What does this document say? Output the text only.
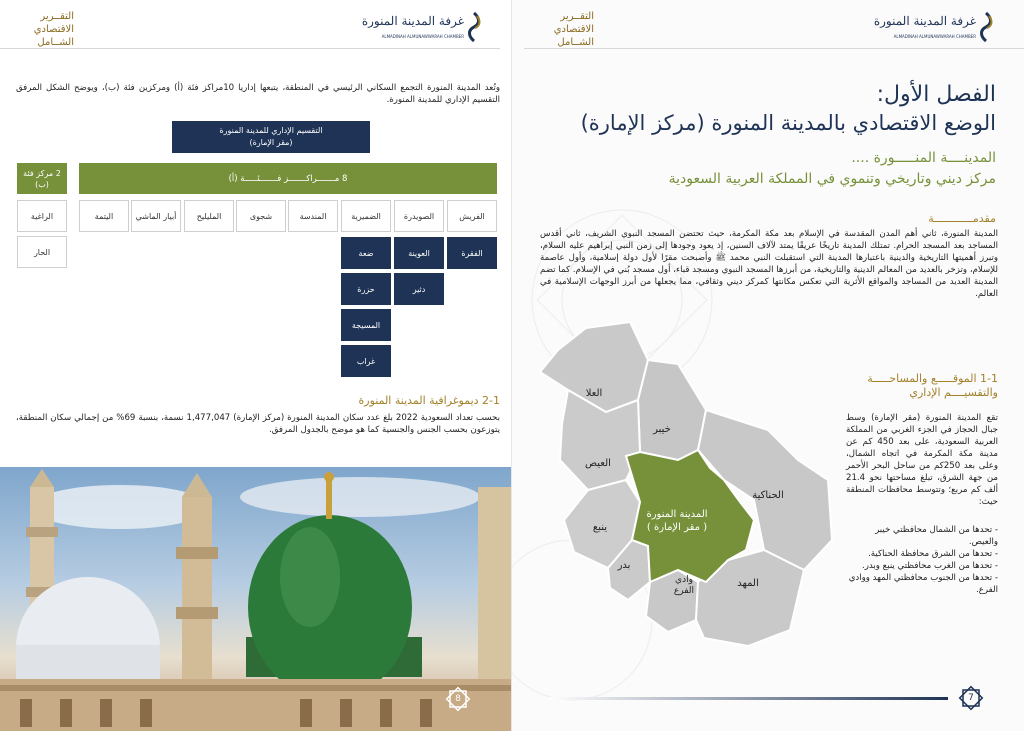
التقــرير
الاقتصادي
الشــامل
غرفة المدينة المنورة
ALMADINAH ALMUNAWWARAH CHAMBER
وتُعد المدينة المنورة التجمع السكاني الرئيسي في المنطقة، يتبعها إداريا 10مراكز فئة (أ) ومركزين فئة (ب)، ويوضح الشكل المرفق التقسيم الإداري للمدينة المنورة.
التقسيم الإداري للمدينة المنورة
(مقر الإمارة)
8 مـــــــراكـــــــز فـــــــئـــــة (أ)
2 مركز فئة (ب)
الفريش
الصويدرة
الضميرية
المندسة
شجوى
المليليح
أبيار الماشي
اليتمة
الراغية
الحار	الفقرة
العوينة
دثير
ضعة
حزرة
المسيجة
غراب
2-1 ديموغرافية المدينة المنورة
بحسب تعداد السعودية 2022 بلغ عدد سكان المدينة المنورة (مركز الإمارة) 1,477,047 نسمة، بنسبة 69% من إجمالي سكان المنطقة، يتوزعون بحسب الجنس والجنسية كما هو موضح بالجدول المرفق.
8
التقــرير
الاقتصادي
الشــامل
غرفة المدينة المنورة
ALMADINAH ALMUNAWWARAH CHAMBER
الفصل الأول:
الوضع الاقتصادي بالمدينة المنورة (مركز الإمارة)
المدينــــة المنـــــورة ....
مركز ديني وتاريخي وتنموي في المملكة العربية السعودية
مقدمــــــــــــة
المدينة المنورة، ثاني أهم المدن المقدسة في الإسلام بعد مكة المكرمة، حيث تحتضن المسجد النبوي الشريف، ثاني أقدس المساجد بعد المسجد الحرام. تمتلك المدينة تاريخًا عريقًا يمتد لآلاف السنين، إذ يعود وجودها إلى زمن النبي إبراهيم عليه السلام، وتبرز أهميتها التاريخية والدينية باعتبارها المدينة التي استقبلت النبي محمد ﷺ وأصبحت مقرًا لأول دولة إسلامية، وأول عاصمة للإسلام، وتزخر بالعديد من المعالم الدينية والتاريخية، من أبرزها المسجد النبوي ومسجد قباء، أول مسجد بُني في الإسلام. كما تضم المدينة العديد من المساجد والمواقع الأثرية التي تعكس مكانتها كمركز ديني وثقافي، مما يجعلها من أبرز الوجهات الإسلامية في العالم.
العلا
خيبر
العيص
الحناكية
ينبع
بدر
المهد
المدينة المنورة
( مقر الإمارة )
وادي
الفرع
1-1 الموقـــــع والمساحـــــة
والتقسيــــم الإداري
تقع المدينة المنورة (مقر الإمارة) وسط جبال الحجاز في الجزء الغربي من المملكة العربية السعودية، على بعد 450 كم عن مدينة مكة المكرمة في اتجاه الشمال، وعلى بعد 250كم من ساحل البحر الأحمر من جهة الشرق، تبلغ مساحتها نحو 21.4 ألف كم مربع؛ وتتوسط محافظات المنطقة حيث:
- تحدها من الشمال محافظتي خيبر والعيص.
- تحدها من الشرق محافظة الحناكية.
- تحدها من الغرب محافظتي ينبع وبدر.
- تحدها من الجنوب محافظتي المهد ووادي الفرع.
7
